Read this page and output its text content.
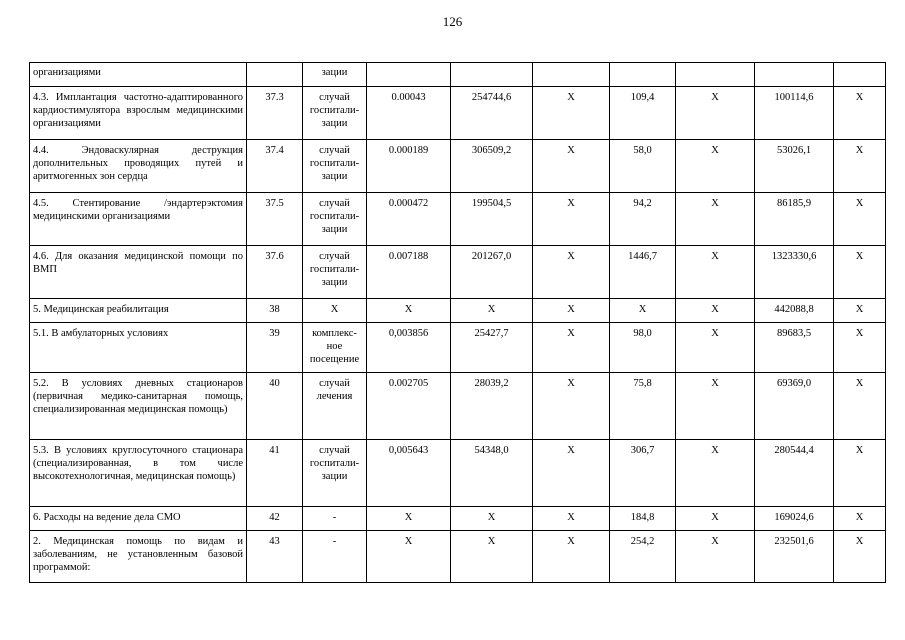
126
организациями		зации							
4.3. Имплантация частотно-адаптированного кардиостимулятора взрослым медицинскими организациями	37.3	случай госпитали-зации	0.00043	254744,6	X	109,4	X	100114,6	X
4.4. Эндоваскулярная деструкция дополнительных проводящих путей и аритмогенных зон сердца	37.4	случай госпитали-зации	0.000189	306509,2	X	58,0	X	53026,1	X
4.5. Стентирование /эндартерэктомия медицинскими организациями	37.5	случай госпитали-зации	0.000472	199504,5	X	94,2	X	86185,9	X
4.6. Для оказания медицинской помощи по ВМП	37.6	случай госпитали-зации	0.007188	201267,0	X	1446,7	X	1323330,6	X
5. Медицинская реабилитация	38	X	X	X	X	X	X	442088,8	X
5.1. В амбулаторных условиях	39	комплекс-ное посещение	0,003856	25427,7	X	98,0	X	89683,5	X
5.2. В условиях дневных стационаров (первичная медико-санитарная помощь, специализированная медицинская помощь)	40	случай лечения	0.002705	28039,2	X	75,8	X	69369,0	X
5.3. В условиях круглосуточного стационара (специализированная, в том числе высокотехнологичная, медицинская помощь)	41	случай госпитали-зации	0,005643	54348,0	X	306,7	X	280544,4	X
6. Расходы на ведение дела СМО	42	-	X	X	X	184,8	X	169024,6	X
2. Медицинская помощь по видам и заболеваниям, не установленным базовой программой:	43	-	X	X	X	254,2	X	232501,6	X
